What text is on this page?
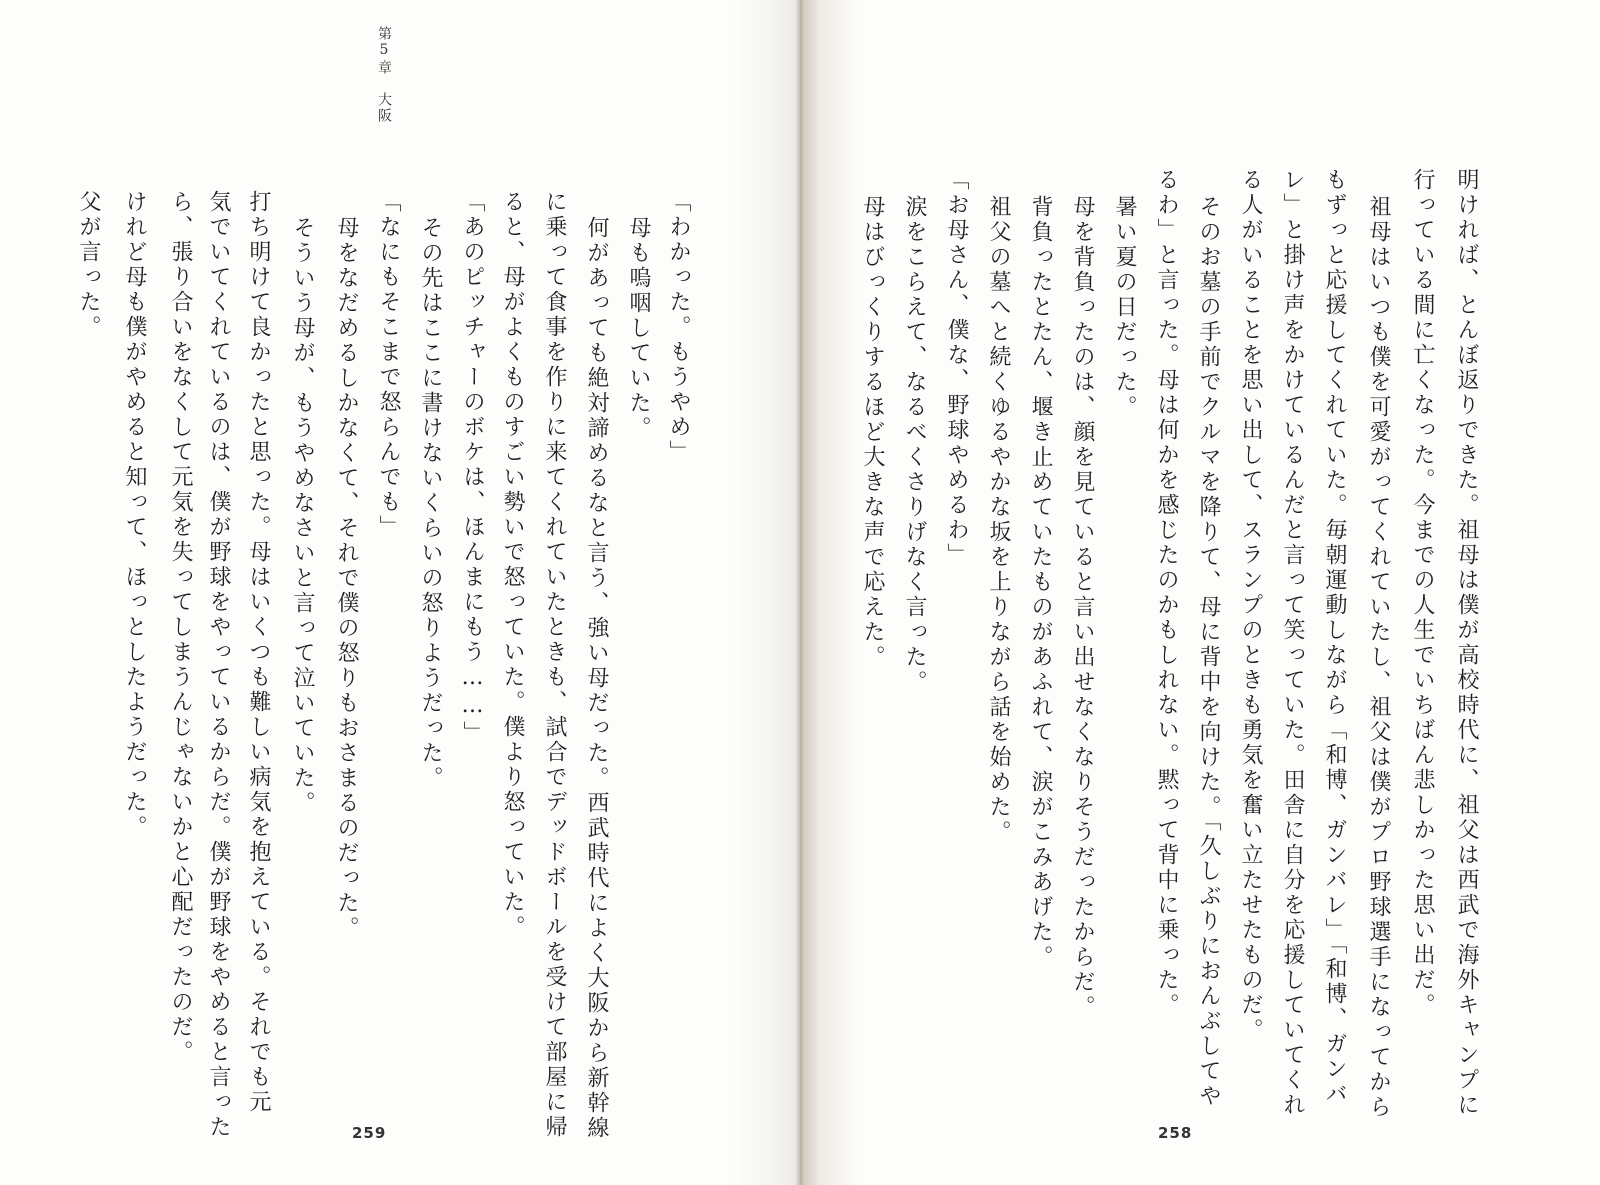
第5章　大阪
父が言った。 けれど母も僕がやめると知って、ほっとしたようだった。 ら、張り合いをなくして元気を失ってしまうんじゃないかと心配だったのだ。 気でいてくれているのは、僕が野球をやっているからだ。僕が野球をやめると言った 打ち明けて良かったと思った。母はいくつも難しい病気を抱えている。それでも元 そういう母が、もうやめなさいと言って泣いていた。 母をなだめるしかなくて、それで僕の怒りもおさまるのだった。 「なにもそこまで怒らんでも」 その先はここに書けないくらいの怒りようだった。 「あのピッチャーのボケは、ほんまにもう……」 ると、母がよくものすごい勢いで怒っていた。僕より怒っていた。 に乗って食事を作りに来てくれていたときも、試合でデッドボールを受けて部屋に帰 何があっても絶対諦めるなと言う、強い母だった。西武時代によく大阪から新幹線 母も嗚咽していた。 「わかった。もうやめ」
259
母はびっくりするほど大きな声で応えた。 涙をこらえて、なるべくさりげなく言った。 「お母さん、僕な、野球やめるわ」 祖父の墓へと続くゆるやかな坂を上りながら話を始めた。 背負ったとたん、堰き止めていたものがあふれて、涙がこみあげた。 母を背負ったのは、顔を見ていると言い出せなくなりそうだったからだ。 暑い夏の日だった。 るわ」と言った。母は何かを感じたのかもしれない。黙って背中に乗った。 そのお墓の手前でクルマを降りて、母に背中を向けた。「久しぶりにおんぶしてや る人がいることを思い出して、スランプのときも勇気を奮い立たせたものだ。 レ」と掛け声をかけているんだと言って笑っていた。田舎に自分を応援していてくれ もずっと応援してくれていた。毎朝運動しながら「和博、ガンバレ」「和博、ガンバ 祖母はいつも僕を可愛がってくれていたし、祖父は僕がプロ野球選手になってから 行っている間に亡くなった。今までの人生でいちばん悲しかった思い出だ。 明ければ、とんぼ返りできた。祖母は僕が高校時代に、祖父は西武で海外キャンプに
258
